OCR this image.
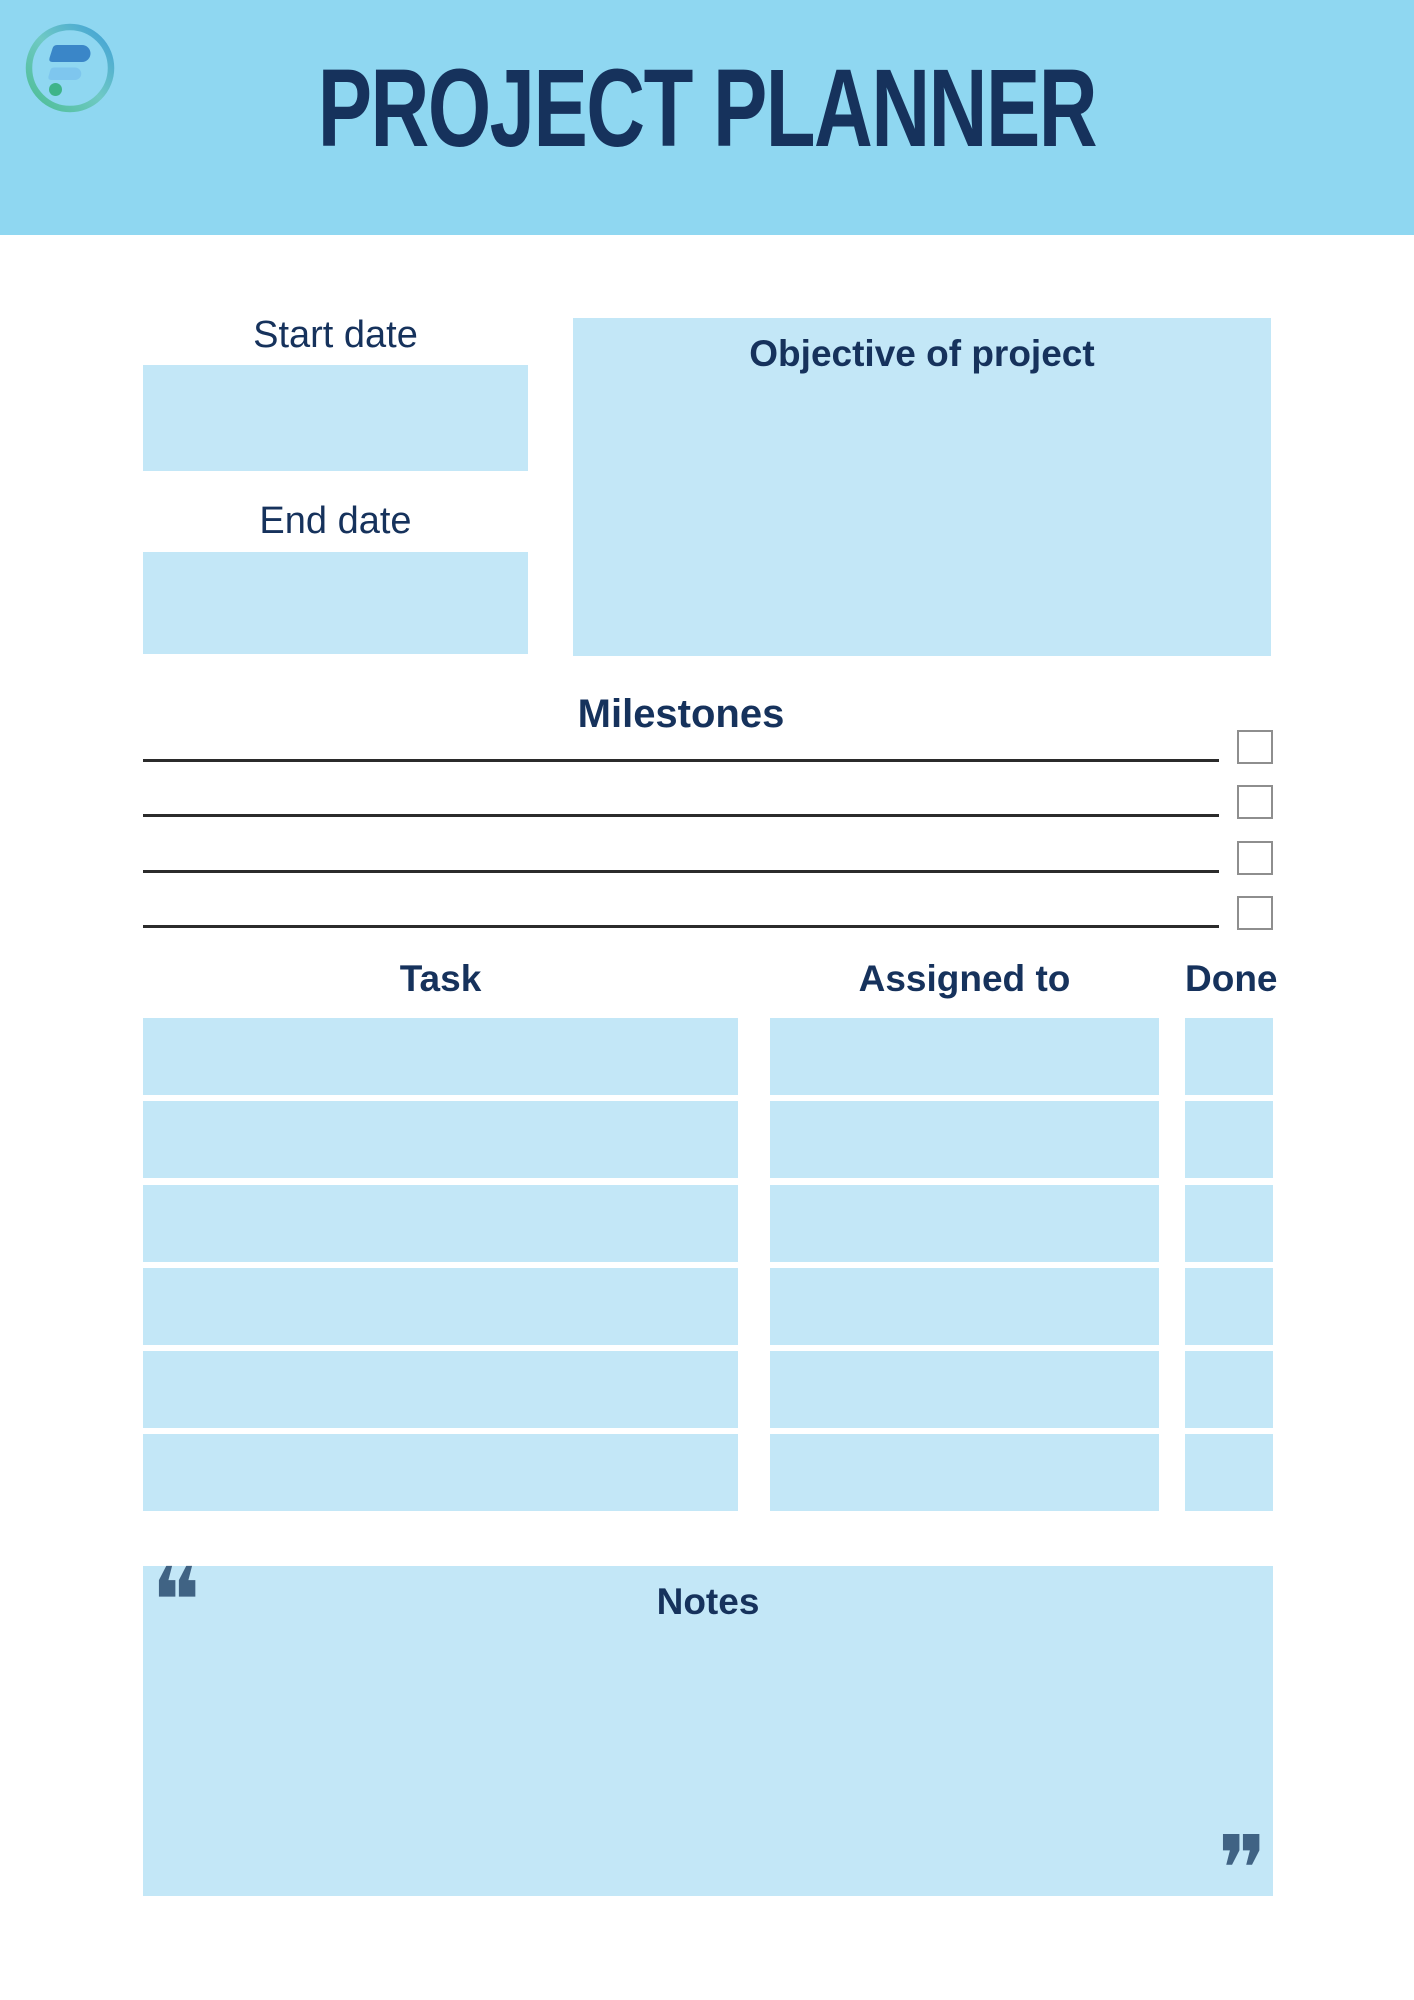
PROJECT PLANNER
Start date
End date
Objective of project
Milestones
Task	Assigned to	Done
❝	Notes
❞
